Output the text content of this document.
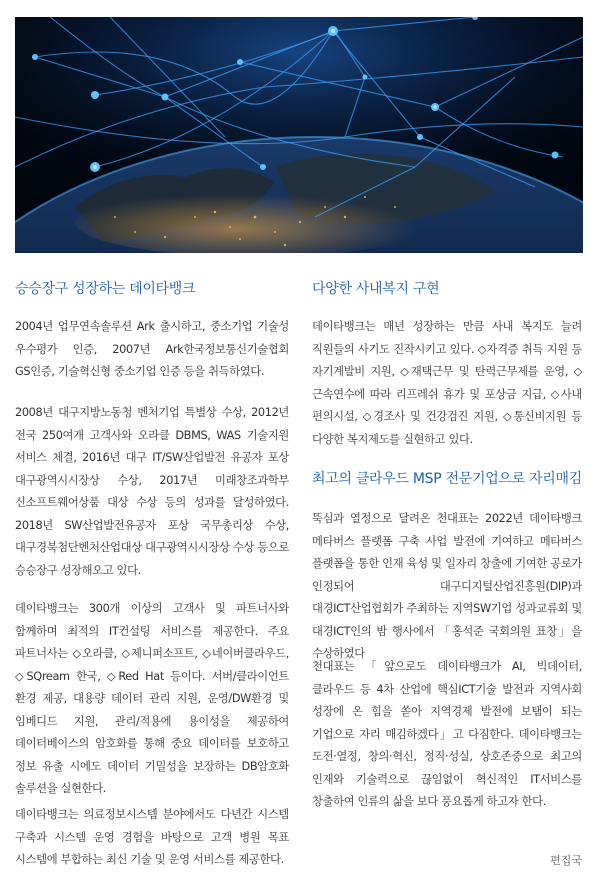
승승장구 성장하는 데이타뱅크

2004년 업무연속솔루션 Ark 출시하고, 중소기업 기술성 우수평가 인증, 2007년 Ark한국정보통신기술협회 GS인증, 기술혁신형 중소기업 인증 등을 취득하였다.

2008년 대구지방노동청 벤처기업 특별상 수상, 2012년 전국 250여개 고객사와 오라클 DBMS, WAS 기술지원 서비스 체결, 2016년 대구 IT/SW산업발전 유공자 포상 대구광역시시장상 수상, 2017년 미래창조과학부 신소프트웨어상품 대상 수상 등의 성과를 달성하였다. 2018년 SW산업발전유공자 포상 국무총리상 수상, 대구경북첨단벤처산업대상 대구광역시시장상 수상 등으로 승승장구 성장해오고 있다.

데이타뱅크는 300개 이상의 고객사 및 파트너사와 함께하며 최적의 IT컨설팅 서비스를 제공한다. 주요 파트너사는 ◇오라클, ◇제니퍼소프트, ◇네이버클라우드, ◇SQream 한국, ◇Red Hat 등이다. 서버/클라이언트 환경 제공, 대용량 데이터 관리 지원, 운영/DW환경 및 임베디드 지원, 관리/적용에 용이성을 제공하여 데이터베이스의 암호화를 통해 중요 데이터를 보호하고 정보 유출 시에도 데이터 기밀성을 보장하는 DB암호화 솔루션을 실현한다.

데이타뱅크는 의료정보시스템 분야에서도 다년간 시스템 구축과 시스템 운영 경험을 바탕으로 고객 병원 목표 시스템에 부합하는 최신 기술 및 운영 서비스를 제공한다.

다양한 사내복지 구현

데이타뱅크는 매년 성장하는 만큼 사내 복지도 늘려 직원들의 사기도 진작시키고 있다. ◇자격증 취득 지원 등 자기계발비 지원, ◇재택근무 및 탄력근무제를 운영, ◇근속연수에 따라 리프레쉬 휴가 및 포상금 지급, ◇사내 편의시설, ◇경조사 및 건강검진 지원, ◇통신비지원 등 다양한 복지제도를 실현하고 있다.

최고의 클라우드 MSP 전문기업으로 자리매김

뚝심과 열정으로 달려온 천대표는 2022년 데이타뱅크 메타버스 플랫폼 구축 사업 발전에 기여하고 메타버스 플랫폼을 통한 인재 육성 및 일자리 창출에 기여한 공로가 인정되어 대구디지털산업진흥원(DIP)과 대경ICT산업협회가 주최하는 지역SW기업 성과교류회 및 대경ICT인의 밤 행사에서 「홍석준 국회의원 표창」을 수상하였다

천대표는 「앞으로도 데이타뱅크가 AI, 빅데이터, 클라우드 등 4차 산업에 핵심ICT기술 발전과 지역사회 성장에 온 힘을 쏟아 지역경제 발전에 보탬이 되는 기업으로 자리 매김하겠다」고 다짐한다. 데이타뱅크는 도전·열정, 창의·혁신, 정직·성실, 상호존중으로 최고의 인재와 기술력으로 끊임없이 혁신적인 IT서비스를 창출하여 인류의 삶을 보다 풍요롭게 하고자 한다.

편집국
